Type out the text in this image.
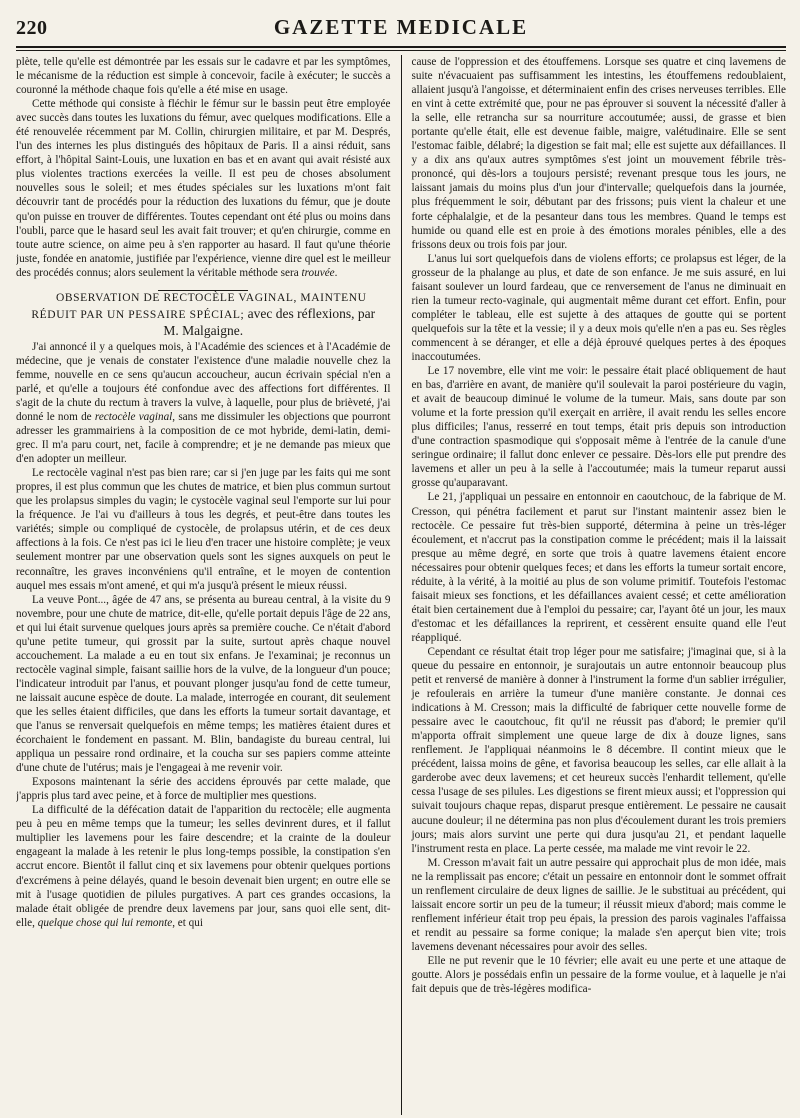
220	GAZETTE MEDICALE

plète, telle qu'elle est démontrée par les essais sur le cadavre et par les symptômes, le mécanisme de la réduction est simple à concevoir, facile à exécuter; le succès a couronné la méthode chaque fois qu'elle a été mise en usage.

Cette méthode qui consiste à fléchir le fémur sur le bassin peut être employée avec succès dans toutes les luxations du fémur, avec quelques modifications. Elle a été renouvelée récemment par M. Collin, chirurgien militaire, et par M. Després, l'un des internes les plus distingués des hôpitaux de Paris. Il a ainsi réduit, sans effort, à l'hôpital Saint-Louis, une luxation en bas et en avant qui avait résisté aux plus violentes tractions exercées la veille. Il est peu de choses absolument nouvelles sous le soleil; et mes études spéciales sur les luxations m'ont fait découvrir tant de procédés pour la réduction des luxations du fémur, que je doute qu'on puisse en trouver de différentes. Toutes cependant ont été plus ou moins dans l'oubli, parce que le hasard seul les avait fait trouver; et qu'en chirurgie, comme en toute autre science, on aime peu à s'en rapporter au hasard. Il faut qu'une théorie juste, fondée en anatomie, justifiée par l'expérience, vienne dire quel est le meilleur des procédés connus; alors seulement la véritable méthode sera trouvée.

OBSERVATION DE RECTOCÈLE VAGINAL, MAINTENU RÉDUIT PAR UN PESSAIRE SPÉCIAL; avec des réflexions, par
M. Malgaigne.

J'ai annoncé il y a quelques mois, à l'Académie des sciences et à l'Académie de médecine, que je venais de constater l'existence d'une maladie nouvelle chez la femme, nouvelle en ce sens qu'aucun accoucheur, aucun écrivain spécial n'en a parlé, et qu'elle a toujours été confondue avec des affections fort différentes. Il s'agit de la chute du rectum à travers la vulve, à laquelle, pour plus de brièveté, j'ai donné le nom de rectocèle vaginal, sans me dissimuler les objections que pourront adresser les grammairiens à la composition de ce mot hybride, demi-latin, demi-grec. Il m'a paru court, net, facile à comprendre; et je ne demande pas mieux que d'en adopter un meilleur.

Le rectocèle vaginal n'est pas bien rare; car si j'en juge par les faits qui me sont propres, il est plus commun que les chutes de matrice, et bien plus commun surtout que les prolapsus simples du vagin; le cystocèle vaginal seul l'emporte sur lui pour la fréquence. Je l'ai vu d'ailleurs à tous les degrés, et peut-être dans toutes les variétés; simple ou compliqué de cystocèle, de prolapsus utérin, et de ces deux affections à la fois. Ce n'est pas ici le lieu d'en tracer une histoire complète; je veux seulement montrer par une observation quels sont les signes auxquels on peut le reconnaître, les graves inconvéniens qu'il entraîne, et le moyen de contention auquel mes essais m'ont amené, et qui m'a jusqu'à présent le mieux réussi.

La veuve Pont..., âgée de 47 ans, se présenta au bureau central, à la visite du 9 novembre, pour une chute de matrice, dit-elle, qu'elle portait depuis l'âge de 22 ans, et qui lui était survenue quelques jours après sa première couche. Ce n'était d'abord qu'une petite tumeur, qui grossit par la suite, surtout après chaque nouvel accouchement. La malade a eu en tout six enfans. Je l'examinai; je reconnus un rectocèle vaginal simple, faisant saillie hors de la vulve, de la longueur d'un pouce; l'indicateur introduit par l'anus, et pouvant plonger jusqu'au fond de cette tumeur, ne laissait aucune espèce de doute. La malade, interrogée en courant, dit seulement que les selles étaient difficiles, que dans les efforts la tumeur sortait davantage, et que l'anus se renversait quelquefois en même temps; les matières étaient dures et écorchaient le fondement en passant. M. Blin, bandagiste du bureau central, lui appliqua un pessaire rond ordinaire, et la coucha sur ses papiers comme atteinte d'une chute de l'utérus; mais je l'engageai à me revenir voir.

Exposons maintenant la série des accidens éprouvés par cette malade, que j'appris plus tard avec peine, et à force de multiplier mes questions.

La difficulté de la défécation datait de l'apparition du rectocèle; elle augmenta peu à peu en même temps que la tumeur; les selles devinrent dures, et il fallut multiplier les lavemens pour les faire descendre; et la crainte de la douleur engageant la malade à les retenir le plus long-temps possible, la constipation s'en accrut encore. Bientôt il fallut cinq et six lavemens pour obtenir quelques portions d'excrémens à peine délayés, quand le besoin devenait bien urgent; en outre elle se mit à l'usage quotidien de pilules purgatives. A part ces grandes occasions, la malade était obligée de prendre deux lavemens par jour, sans quoi elle sent, dit-elle, quelque chose qui lui remonte, et qui

cause de l'oppression et des étouffemens. Lorsque ses quatre et cinq lavemens de suite n'évacuaient pas suffisamment les intestins, les étouffemens redoublaient, allaient jusqu'à l'angoisse, et déterminaient enfin des crises nerveuses terribles. Elle en vint à cette extrémité que, pour ne pas éprouver si souvent la nécessité d'aller à la selle, elle retrancha sur sa nourriture accoutumée; aussi, de grasse et bien portante qu'elle était, elle est devenue faible, maigre, valétudinaire. Elle se sent l'estomac faible, délabré; la digestion se fait mal; elle est sujette aux défaillances. Il y a dix ans qu'aux autres symptômes s'est joint un mouvement fébrile très-prononcé, qui dès-lors a toujours persisté; revenant presque tous les jours, ne laissant jamais du moins plus d'un jour d'intervalle; quelquefois dans la journée, plus fréquemment le soir, débutant par des frissons; puis vient la chaleur et une forte céphalalgie, et de la pesanteur dans tous les membres. Quand le temps est humide ou quand elle est en proie à des émotions morales pénibles, elle a des frissons deux ou trois fois par jour.

L'anus lui sort quelquefois dans de violens efforts; ce prolapsus est léger, de la grosseur de la phalange au plus, et date de son enfance. Je me suis assuré, en lui faisant soulever un lourd fardeau, que ce renversement de l'anus ne diminuait en rien la tumeur recto-vaginale, qui augmentait même durant cet effort. Enfin, pour compléter le tableau, elle est sujette à des attaques de goutte qui se portent quelquefois sur la tête et la vessie; il y a deux mois qu'elle n'en a pas eu. Ses règles commencent à se déranger, et elle a déjà éprouvé quelques pertes à des époques inaccoutumées.

Le 17 novembre, elle vint me voir: le pessaire était placé obliquement de haut en bas, d'arrière en avant, de manière qu'il soulevait la paroi postérieure du vagin, et avait de beaucoup diminué le volume de la tumeur. Mais, sans doute par son volume et la forte pression qu'il exerçait en arrière, il avait rendu les selles encore plus difficiles; l'anus, resserré en tout temps, était pris depuis son introduction d'une contraction spasmodique qui s'opposait même à l'entrée de la canule d'une seringue ordinaire; il fallut donc enlever ce pessaire. Dès-lors elle put prendre des lavemens et aller un peu à la selle à l'accoutumée; mais la tumeur reparut aussi grosse qu'auparavant.

Le 21, j'appliquai un pessaire en entonnoir en caoutchouc, de la fabrique de M. Cresson, qui pénétra facilement et parut sur l'instant maintenir assez bien le rectocèle. Ce pessaire fut très-bien supporté, détermina à peine un très-léger écoulement, et n'accrut pas la constipation comme le précédent; mais il la laissait presque au même degré, en sorte que trois à quatre lavemens étaient encore nécessaires pour obtenir quelques feces; et dans les efforts la tumeur sortait encore, réduite, à la vérité, à la moitié au plus de son volume primitif. Toutefois l'estomac faisait mieux ses fonctions, et les défaillances avaient cessé; et cette amélioration était bien certainement due à l'emploi du pessaire; car, l'ayant ôté un jour, les maux d'estomac et les défaillances la reprirent, et cessèrent ensuite quand elle l'eut réappliqué.

Cependant ce résultat était trop léger pour me satisfaire; j'imaginai que, si à la queue du pessaire en entonnoir, je surajoutais un autre entonnoir beaucoup plus petit et renversé de manière à donner à l'instrument la forme d'un sablier irrégulier, je refoulerais en arrière la tumeur d'une manière constante. Je donnai ces indications à M. Cresson; mais la difficulté de fabriquer cette nouvelle forme de pessaire avec le caoutchouc, fit qu'il ne réussit pas d'abord; le premier qu'il m'apporta offrait simplement une queue large de dix à douze lignes, sans renflement. Je l'appliquai néanmoins le 8 décembre. Il contint mieux que le précédent, laissa moins de gêne, et favorisa beaucoup les selles, car elle allait à la garderobe avec deux lavemens; et cet heureux succès l'enhardit tellement, qu'elle cessa l'usage de ses pilules. Les digestions se firent mieux aussi; et l'oppression qui suivait toujours chaque repas, disparut presque entièrement. Le pessaire ne causait aucune douleur; il ne détermina pas non plus d'écoulement durant les trois premiers jours; mais alors survint une perte qui dura jusqu'au 21, et pendant laquelle l'instrument resta en place. La perte cessée, ma malade me vint revoir le 22.

M. Cresson m'avait fait un autre pessaire qui approchait plus de mon idée, mais ne la remplissait pas encore; c'était un pessaire en entonnoir dont le sommet offrait un renflement circulaire de deux lignes de saillie. Je le substituai au précédent, qui laissait encore sortir un peu de la tumeur; il réussit mieux d'abord; mais comme le renflement inférieur était trop peu épais, la pression des parois vaginales l'affaissa et rendit au pessaire sa forme conique; la malade s'en aperçut bien vite; trois lavemens devenant nécessaires pour avoir des selles.

Elle ne put revenir que le 10 février; elle avait eu une perte et une attaque de goutte. Alors je possédais enfin un pessaire de la forme voulue, et à laquelle je n'ai fait depuis que de très-légères modifica-
